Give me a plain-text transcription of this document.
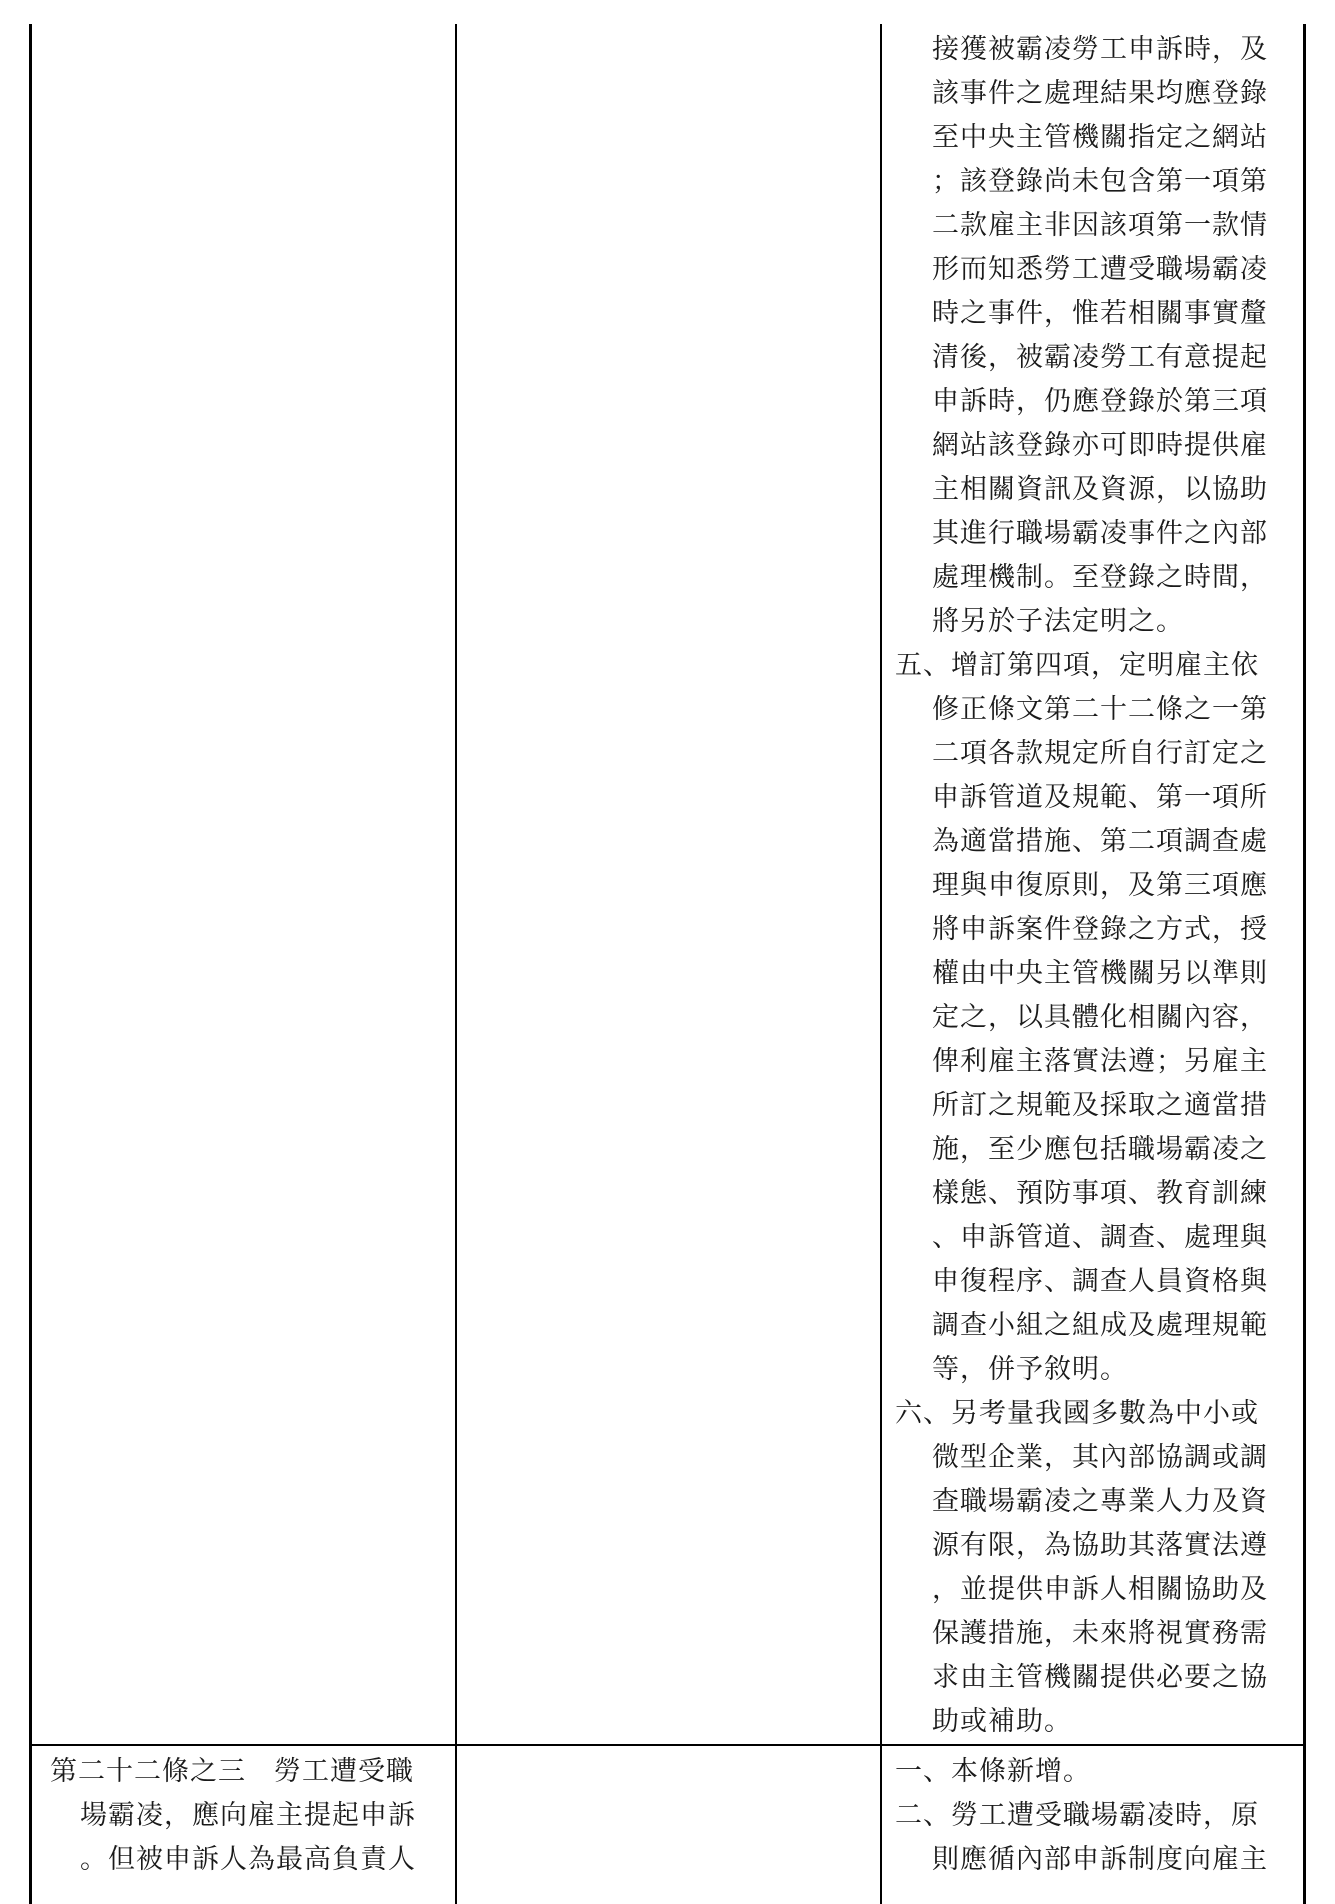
接獲被霸凌勞工申訴時，及
該事件之處理結果均應登錄
至中央主管機關指定之網站
；該登錄尚未包含第一項第
二款雇主非因該項第一款情
形而知悉勞工遭受職場霸凌
時之事件，惟若相關事實釐
清後，被霸凌勞工有意提起
申訴時，仍應登錄於第三項
網站該登錄亦可即時提供雇
主相關資訊及資源，以協助
其進行職場霸凌事件之內部
處理機制。至登錄之時間，
將另於子法定明之。
五、增訂第四項，定明雇主依
修正條文第二十二條之一第
二項各款規定所自行訂定之
申訴管道及規範、第一項所
為適當措施、第二項調查處
理與申復原則，及第三項應
將申訴案件登錄之方式，授
權由中央主管機關另以準則
定之，以具體化相關內容，
俾利雇主落實法遵；另雇主
所訂之規範及採取之適當措
施，至少應包括職場霸凌之
樣態、預防事項、教育訓練
、申訴管道、調查、處理與
申復程序、調查人員資格與
調查小組之組成及處理規範
等，併予敘明。
六、另考量我國多數為中小或
微型企業，其內部協調或調
查職場霸凌之專業人力及資
源有限，為協助其落實法遵
，並提供申訴人相關協助及
保護措施，未來將視實務需
求由主管機關提供必要之協
助或補助。
第二十二條之三　勞工遭受職
場霸凌，應向雇主提起申訴
。但被申訴人為最高負責人
一、本條新增。
二、勞工遭受職場霸凌時，原
則應循內部申訴制度向雇主
